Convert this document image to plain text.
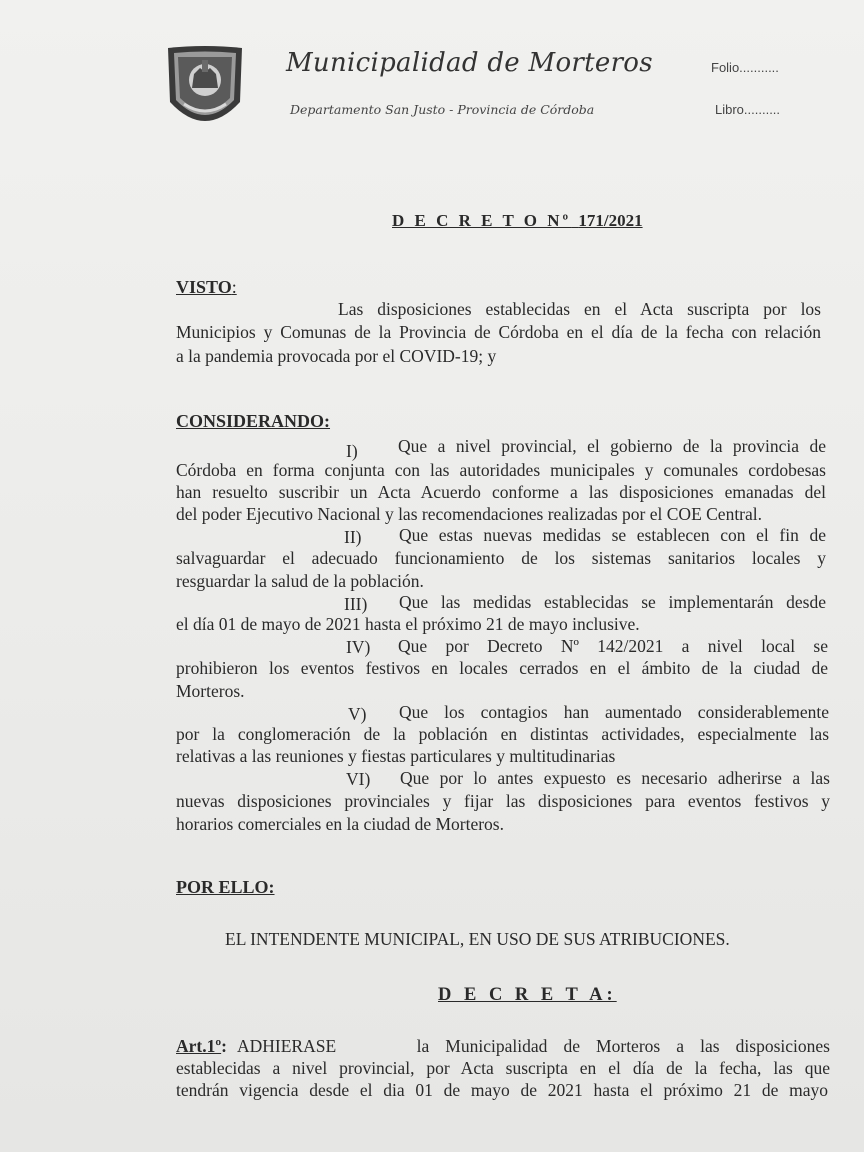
Municipalidad de Morteros
Departamento San Justo - Provincia de Córdoba
Folio...........
Libro..........
D E C R E T O Nº 171/2021
VISTO:
Las disposiciones establecidas en el Acta suscripta por los
Municipios y Comunas de la Provincia de Córdoba en el día de la fecha con relación
a la pandemia provocada por el COVID-19; y
CONSIDERANDO:
I) Que a nivel provincial, el gobierno de la provincia de
Córdoba en forma conjunta con las autoridades municipales y comunales cordobesas
han resuelto suscribir un Acta Acuerdo conforme a las disposiciones emanadas del
del poder Ejecutivo Nacional y las recomendaciones realizadas por el COE Central.
II) Que estas nuevas medidas se establecen con el fin de
salvaguardar el adecuado funcionamiento de los sistemas sanitarios locales y
resguardar la salud de la población.
III) Que las medidas establecidas se implementarán desde
el día 01 de mayo de 2021 hasta el próximo 21 de mayo inclusive.
IV) Que por Decreto Nº 142/2021 a nivel local se
prohibieron los eventos festivos en locales cerrados en el ámbito de la ciudad de
Morteros.
V) Que los contagios han aumentado considerablemente
por la conglomeración de la población en distintas actividades, especialmente las
relativas a las reuniones y fiestas particulares y multitudinarias
VI) Que por lo antes expuesto es necesario adherirse a las
nuevas disposiciones provinciales y fijar las disposiciones para eventos festivos y
horarios comerciales en la ciudad de Morteros.
POR ELLO:
EL INTENDENTE MUNICIPAL, EN USO DE SUS ATRIBUCIONES.
D E C R E T A:
Art.1º: ADHIERASE     la Municipalidad de Morteros a las disposiciones
establecidas a nivel provincial, por Acta suscripta en el día de la fecha, las que
tendrán vigencia desde el dia 01 de mayo de 2021 hasta el próximo 21 de mayo
